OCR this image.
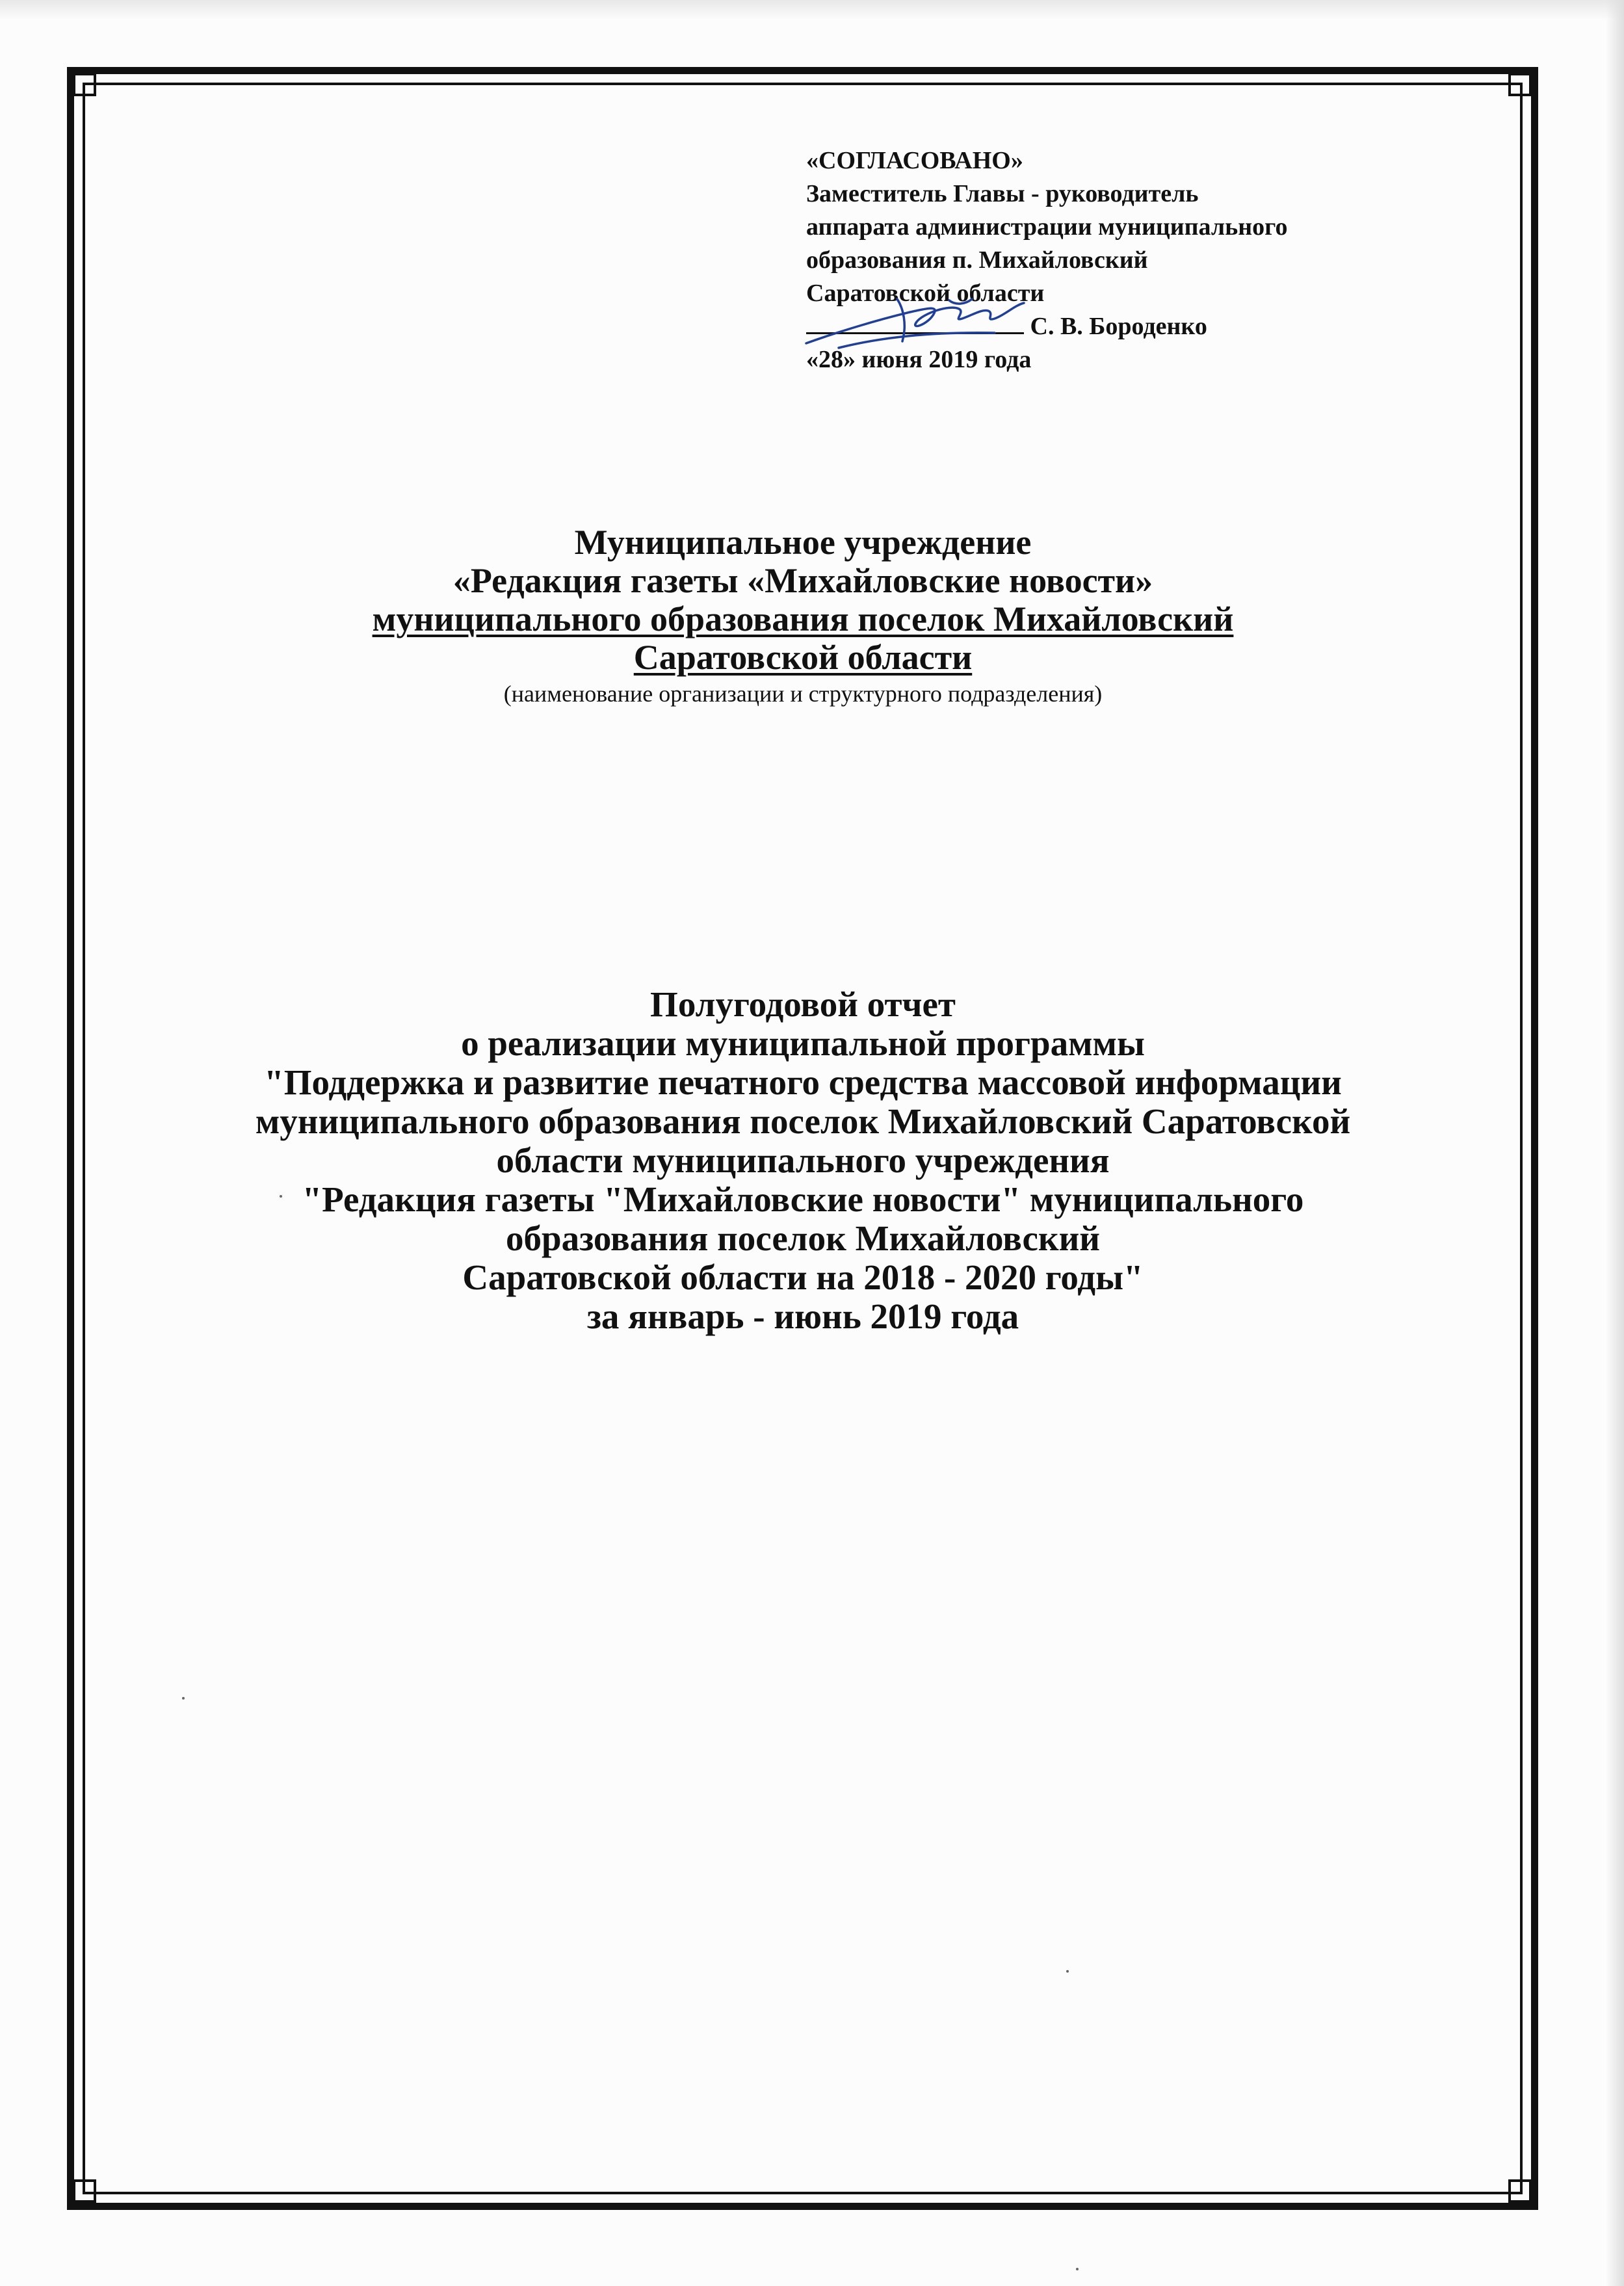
«СОГЛАСОВАНО»
Заместитель Главы - руководитель
аппарата администрации муниципального
образования п. Михайловский
Саратовской области
С. В. Бороденко
«28» июня 2019 года
Муниципальное учреждение
«Редакция газеты «Михайловские новости»
муниципального образования поселок Михайловский
Саратовской области
(наименование организации и структурного подразделения)
Полугодовой отчет
о реализации муниципальной программы
"Поддержка и развитие печатного средства массовой информации
муниципального образования поселок Михайловский Саратовской
области муниципального учреждения
"Редакция газеты "Михайловские новости" муниципального
образования поселок Михайловский
Саратовской области на 2018 - 2020 годы"
за январь - июнь 2019 года
